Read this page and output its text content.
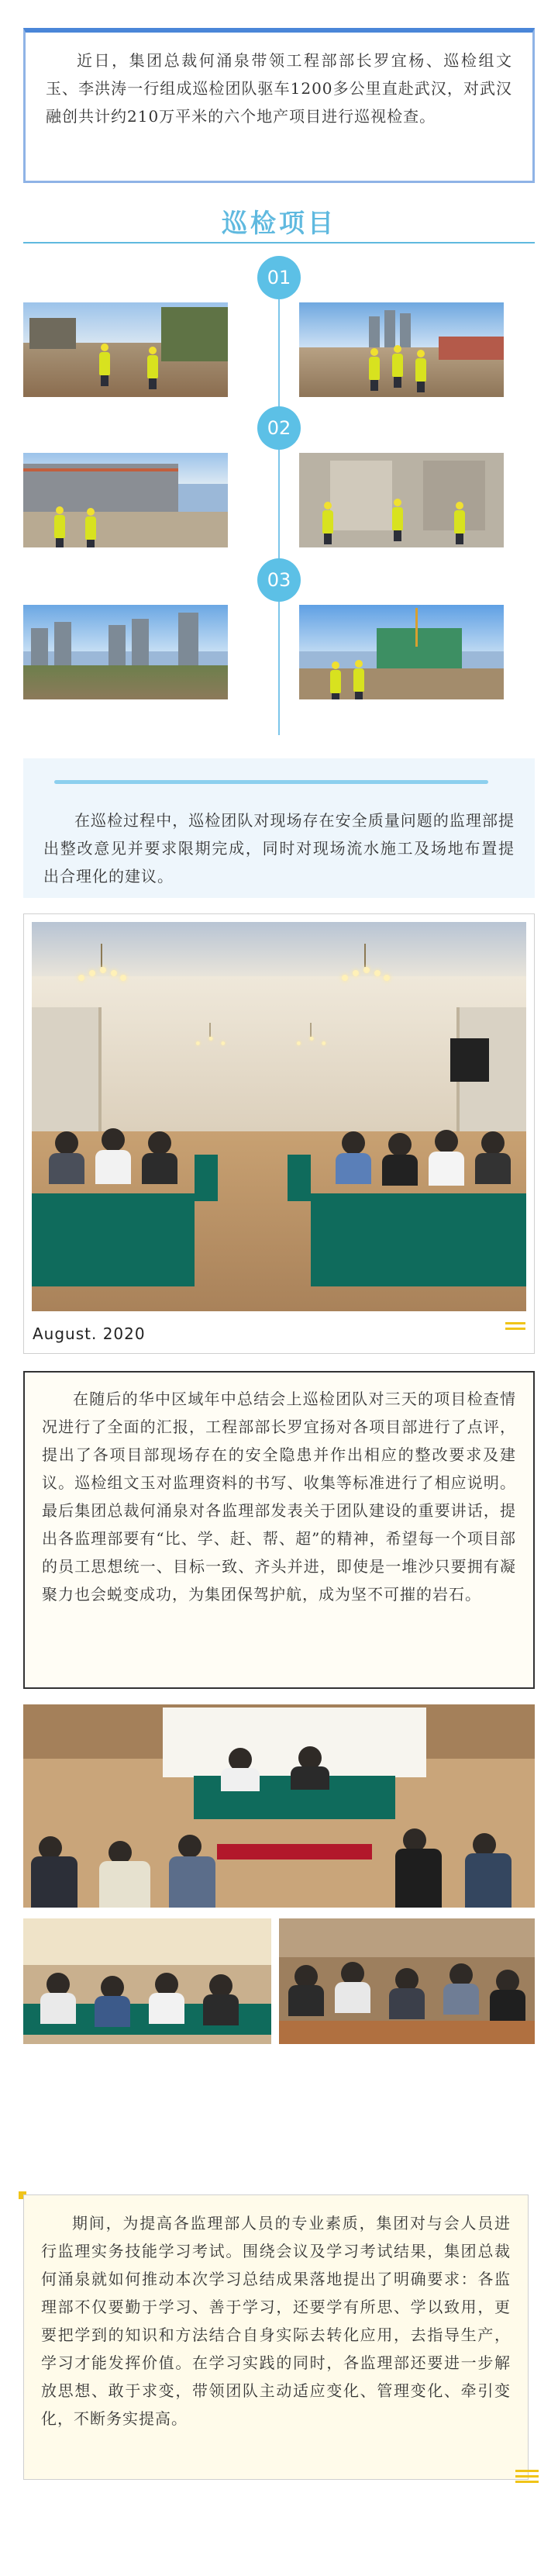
近日，集团总裁何涌泉带领工程部部长罗宜杨、巡检组文玉、李洪涛一行组成巡检团队驱车1200多公里直赴武汉，对武汉融创共计约210万平米的六个地产项目进行巡视检查。

巡检项目
01
02
03

在巡检过程中，巡检团队对现场存在安全质量问题的监理部提出整改意见并要求限期完成，同时对现场流水施工及场地布置提出合理化的建议。

August. 2020

在随后的华中区域年中总结会上巡检团队对三天的项目检查情况进行了全面的汇报，工程部部长罗宜扬对各项目部进行了点评，提出了各项目部现场存在的安全隐患并作出相应的整改要求及建议。巡检组文玉对监理资料的书写、收集等标准进行了相应说明。最后集团总裁何涌泉对各监理部发表关于团队建设的重要讲话，提出各监理部要有“比、学、赶、帮、超”的精神，希望每一个项目部的员工思想统一、目标一致、齐头并进，即使是一堆沙只要拥有凝聚力也会蜕变成功，为集团保驾护航，成为坚不可摧的岩石。

期间，为提高各监理部人员的专业素质，集团对与会人员进行监理实务技能学习考试。围绕会议及学习考试结果，集团总裁何涌泉就如何推动本次学习总结成果落地提出了明确要求：各监理部不仅要勤于学习、善于学习，还要学有所思、学以致用，更要把学到的知识和方法结合自身实际去转化应用，去指导生产，学习才能发挥价值。在学习实践的同时，各监理部还要进一步解放思想、敢于求变，带领团队主动适应变化、管理变化、牵引变化，不断务实提高。
